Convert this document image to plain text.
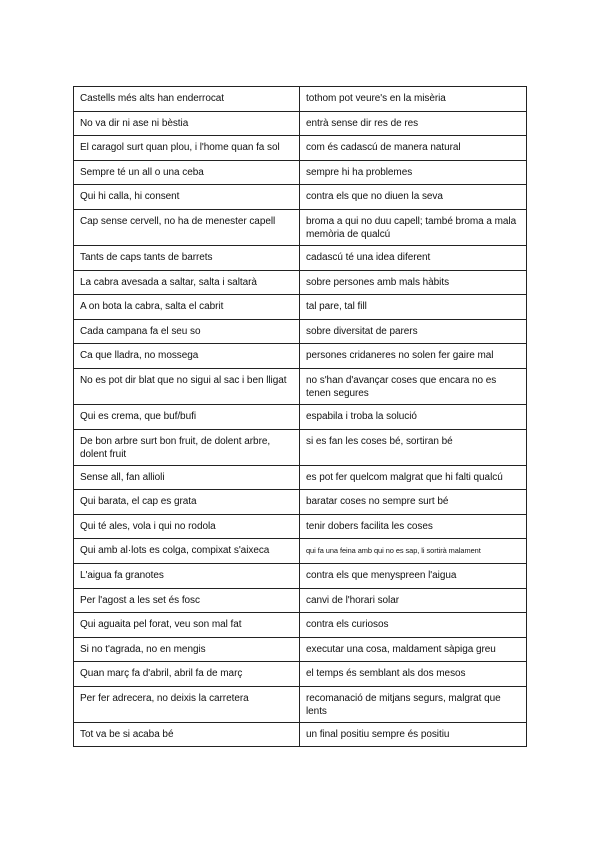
Castells més alts han enderrocat	tothom pot veure's en la misèria
No va dir ni ase ni bèstia	entrà sense dir res de res
El caragol surt quan plou, i l'home quan fa sol	com és cadascú de manera natural
Sempre té un all o una ceba	sempre hi ha problemes
Qui hi calla, hi consent	contra els que no diuen la seva
Cap sense cervell, no ha de menester capell	broma a qui no duu capell; també broma a mala memòria de qualcú
Tants de caps tants de barrets	cadascú té una idea diferent
La cabra avesada a saltar, salta i saltarà	sobre persones amb mals hàbits
A on bota la cabra, salta el cabrit	tal pare, tal fill
Cada campana fa el seu so	sobre diversitat de parers
Ca que lladra, no mossega	persones cridaneres no solen fer gaire mal
No es pot dir blat que no sigui al sac i ben lligat	no s'han d'avançar coses que encara no es tenen segures
Qui es crema, que buf/bufi	espabila i troba la solució
De bon arbre surt bon fruit, de dolent arbre, dolent fruit	si es fan les coses bé, sortiran bé
Sense all, fan allioli	es pot fer quelcom malgrat que hi falti qualcú
Qui barata, el cap es grata	baratar coses no sempre surt bé
Qui té ales, vola i qui no rodola	tenir dobers facilita les coses
Qui amb al·lots es colga, compixat s'aixeca	qui fa una feina amb qui no es sap, li sortirà malament
L'aigua fa granotes	contra els que menyspreen l'aigua
Per l'agost a les set és fosc	canvi de l'horari solar
Qui aguaita pel forat, veu son mal fat	contra els curiosos
Si no t'agrada, no en mengis	executar una cosa, maldament sàpiga greu
Quan març fa d'abril, abril fa de març	el temps és semblant als dos mesos
Per fer adrecera, no deixis la carretera	recomanació de mitjans segurs, malgrat que lents
Tot va be si acaba bé	un final positiu sempre és positiu
